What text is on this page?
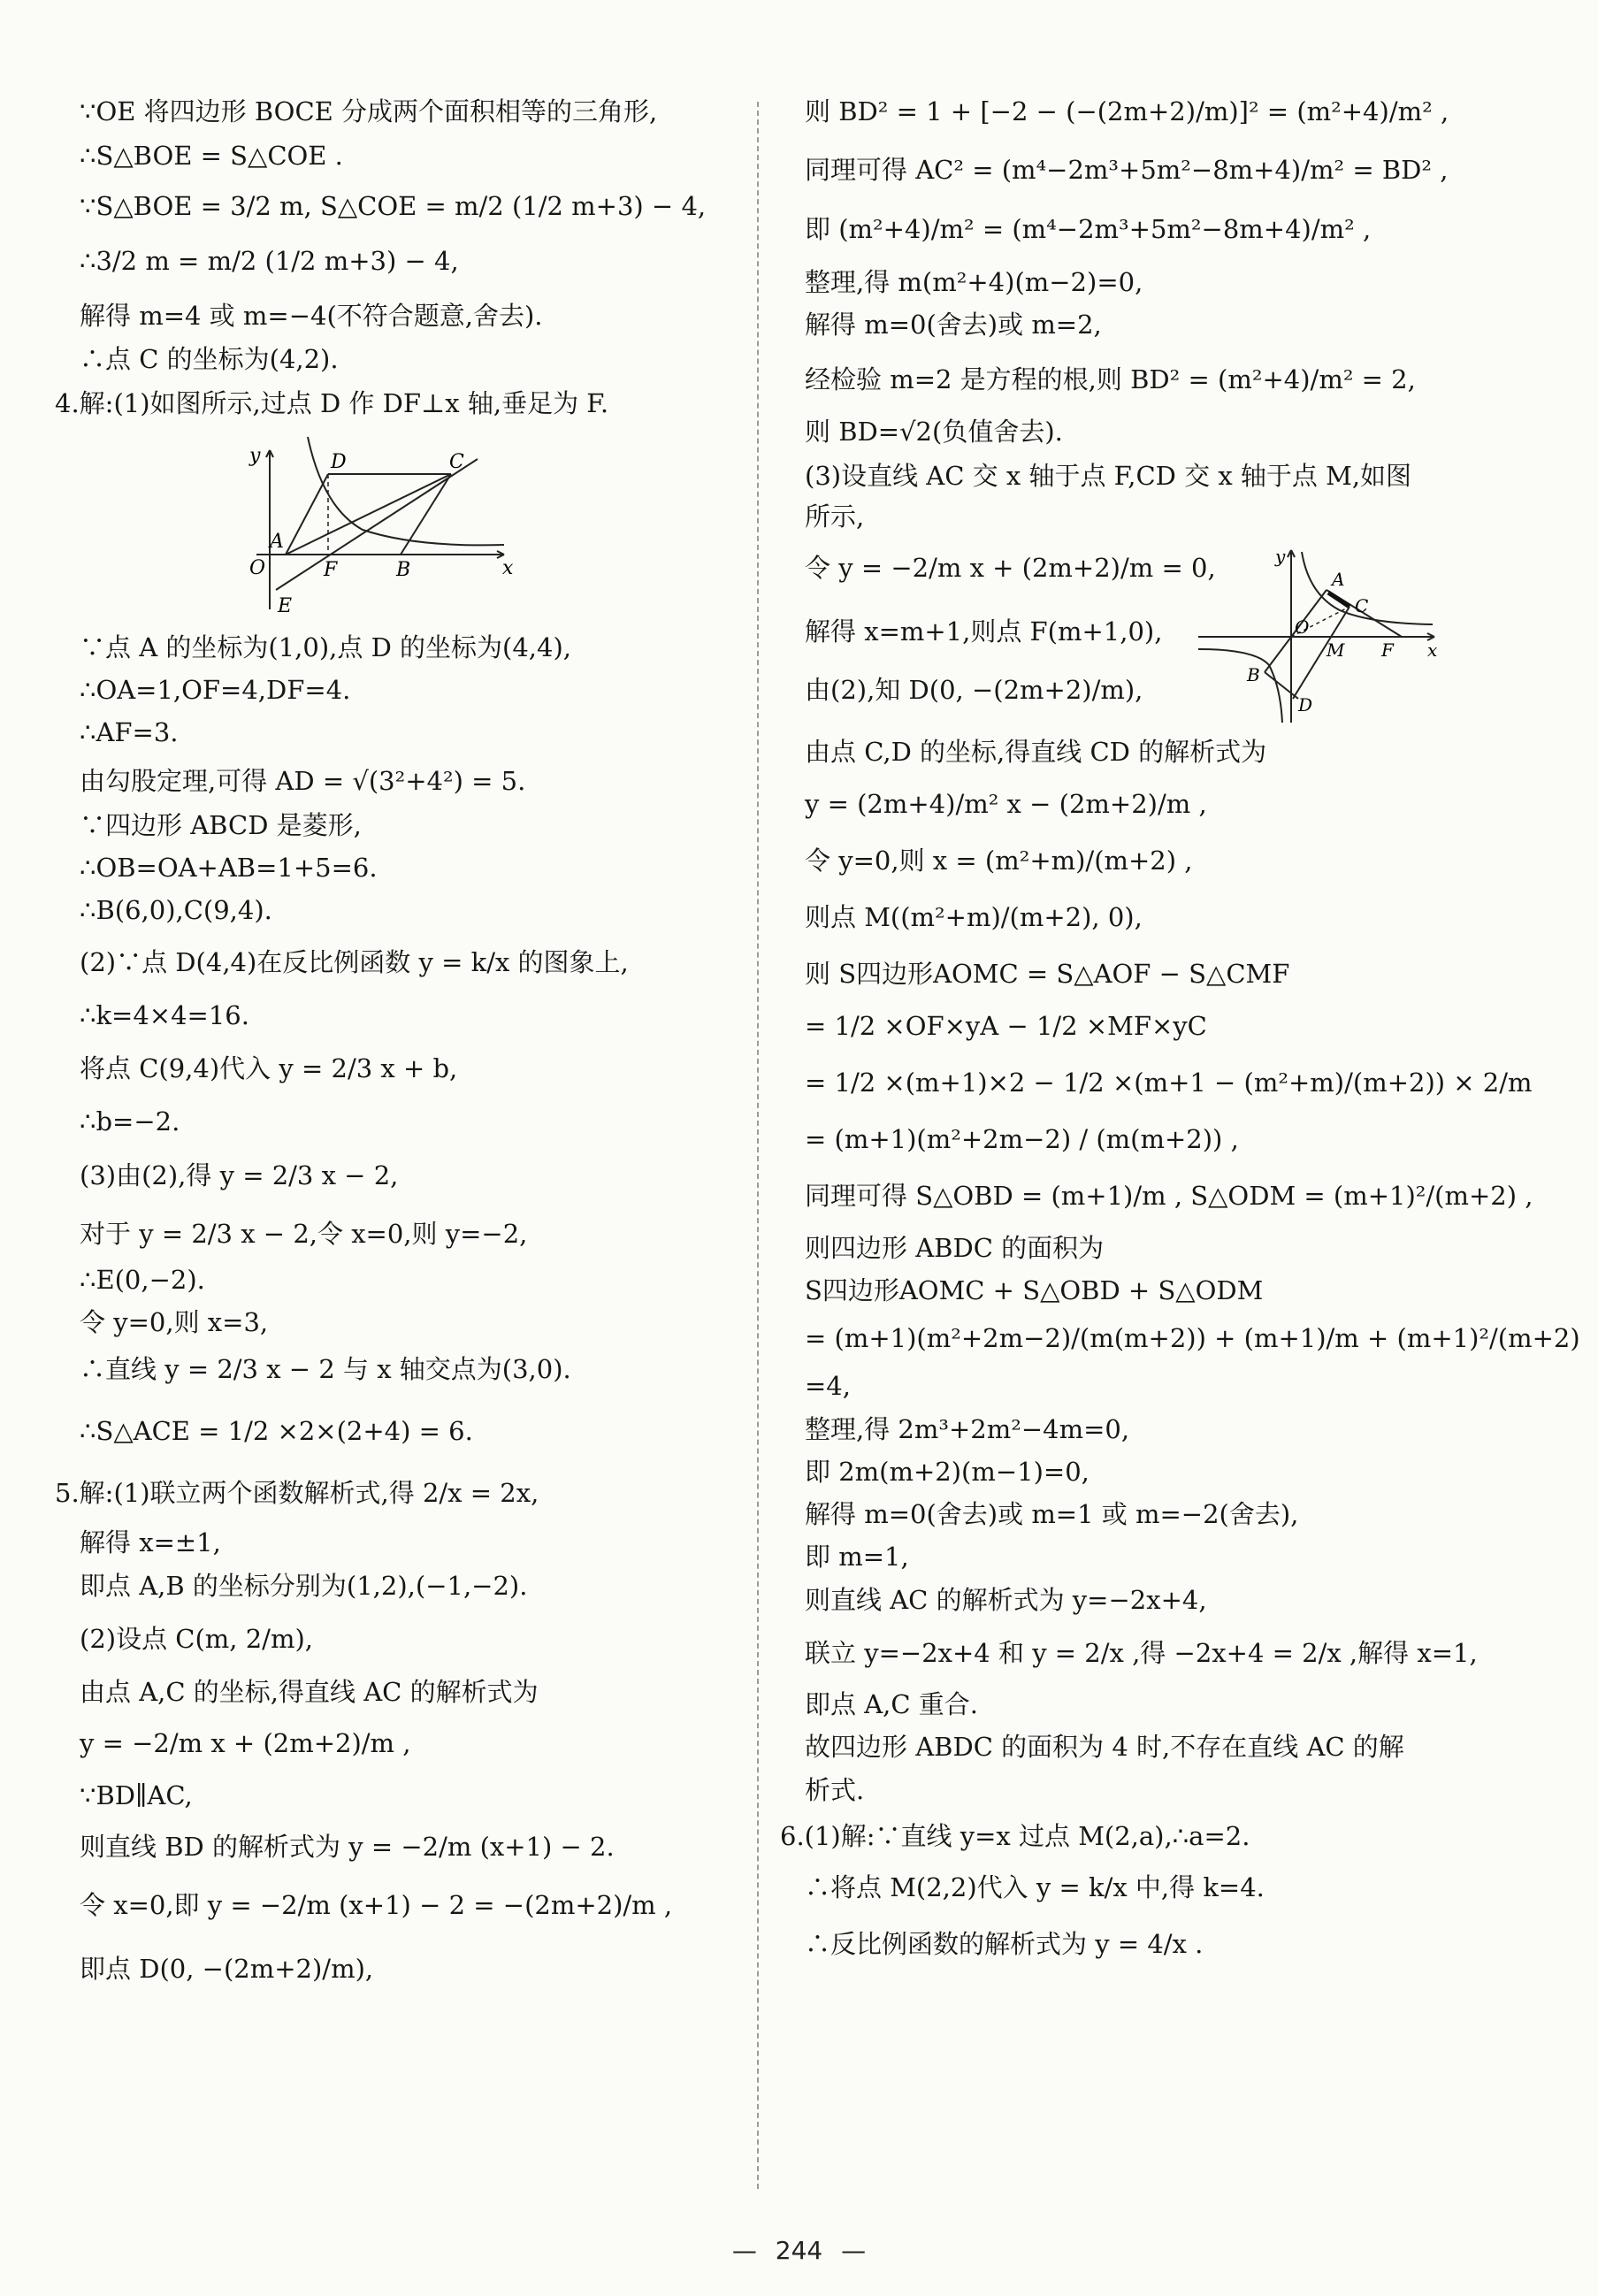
∵OE 将四边形 BOCE 分成两个面积相等的三角形,

∴S△BOE = S△COE .

∵S△BOE = 3/2 m, S△COE = m/2 (1/2 m+3) − 4,

∴3/2 m = m/2 (1/2 m+3) − 4,

解得 m=4 或 m=−4(不符合题意,舍去).

∴点 C 的坐标为(4,2).

4.解:(1)如图所示,过点 D 作 DF⊥x 轴,垂足为 F.

y	D	C
A
O	F	B	x
E

∵点 A 的坐标为(1,0),点 D 的坐标为(4,4),

∴OA=1,OF=4,DF=4.

∴AF=3.

由勾股定理,可得 AD = √(3²+4²) = 5.

∵四边形 ABCD 是菱形,

∴OB=OA+AB=1+5=6.

∴B(6,0),C(9,4).

(2)∵点 D(4,4)在反比例函数 y = k/x 的图象上,

∴k=4×4=16.

将点 C(9,4)代入 y = 2/3 x + b,

∴b=−2.

(3)由(2),得 y = 2/3 x − 2,

对于 y = 2/3 x − 2,令 x=0,则 y=−2,

∴E(0,−2).

令 y=0,则 x=3,

∴直线 y = 2/3 x − 2 与 x 轴交点为(3,0).

∴S△ACE = 1/2 ×2×(2+4) = 6.

5.解:(1)联立两个函数解析式,得 2/x = 2x,

解得 x=±1,

即点 A,B 的坐标分别为(1,2),(−1,−2).

(2)设点 C(m, 2/m),

由点 A,C 的坐标,得直线 AC 的解析式为

y = −2/m x + (2m+2)/m ,

∵BD∥AC,

则直线 BD 的解析式为 y = −2/m (x+1) − 2.

令 x=0,即 y = −2/m (x+1) − 2 = −(2m+2)/m ,

即点 D(0, −(2m+2)/m),

则 BD² = 1 + [−2 − (−(2m+2)/m)]² = (m²+4)/m² ,

同理可得 AC² = (m⁴−2m³+5m²−8m+4)/m² = BD² ,

即 (m²+4)/m² = (m⁴−2m³+5m²−8m+4)/m² ,

整理,得 m(m²+4)(m−2)=0,

解得 m=0(舍去)或 m=2,

经检验 m=2 是方程的根,则 BD² = (m²+4)/m² = 2,

则 BD=√2(负值舍去).

(3)设直线 AC 交 x 轴于点 F,CD 交 x 轴于点 M,如图

所示,

令 y = −2/m x + (2m+2)/m = 0,

解得 x=m+1,则点 F(m+1,0),

由(2),知 D(0, −(2m+2)/m),

y
A
C
O
M F x
B
D

由点 C,D 的坐标,得直线 CD 的解析式为

y = (2m+4)/m² x − (2m+2)/m ,

令 y=0,则 x = (m²+m)/(m+2) ,

则点 M((m²+m)/(m+2), 0),

则 S四边形AOMC = S△AOF − S△CMF

= 1/2 ×OF×yA − 1/2 ×MF×yC

= 1/2 ×(m+1)×2 − 1/2 ×(m+1 − (m²+m)/(m+2)) × 2/m

= (m+1)(m²+2m−2) / (m(m+2)) ,

同理可得 S△OBD = (m+1)/m , S△ODM = (m+1)²/(m+2) ,

则四边形 ABDC 的面积为

S四边形AOMC + S△OBD + S△ODM

= (m+1)(m²+2m−2)/(m(m+2)) + (m+1)/m + (m+1)²/(m+2)

=4,

整理,得 2m³+2m²−4m=0,

即 2m(m+2)(m−1)=0,

解得 m=0(舍去)或 m=1 或 m=−2(舍去),

即 m=1,

则直线 AC 的解析式为 y=−2x+4,

联立 y=−2x+4 和 y = 2/x ,得 −2x+4 = 2/x ,解得 x=1,

即点 A,C 重合.

故四边形 ABDC 的面积为 4 时,不存在直线 AC 的解

析式.

6.(1)解:∵直线 y=x 过点 M(2,a),∴a=2.

∴将点 M(2,2)代入 y = k/x 中,得 k=4.

∴反比例函数的解析式为 y = 4/x .

— 244 —
